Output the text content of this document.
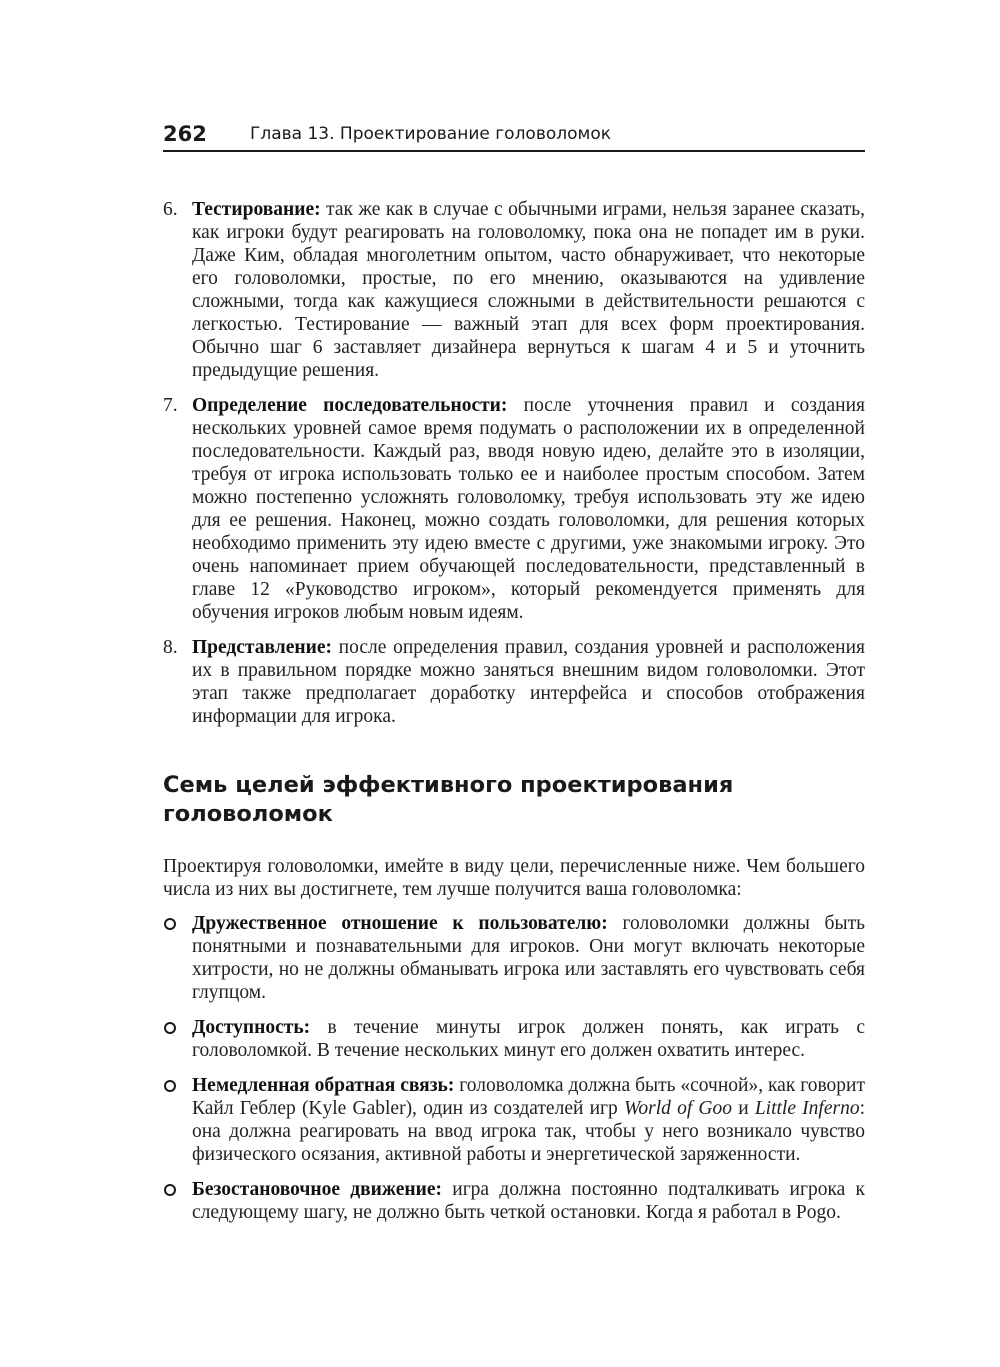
262	Глава 13. Проектирование головоломок
6. Тестирование: так же как в случае с обычными играми, нельзя заранее сказать, как игроки будут реагировать на головоломку, пока она не попадет им в руки. Даже Ким, обладая многолетним опытом, часто обнаруживает, что некоторые его головоломки, простые, по его мнению, оказываются на удивление сложными, тогда как кажущиеся сложными в действительности решаются с легкостью. Тестирование — важный этап для всех форм проектирования. Обычно шаг 6 заставляет дизайнера вернуться к шагам 4 и 5 и уточнить предыдущие решения.
7. Определение последовательности: после уточнения правил и создания нескольких уровней самое время подумать о расположении их в определенной последовательности. Каждый раз, вводя новую идею, делайте это в изоляции, требуя от игрока использовать только ее и наиболее простым способом. Затем можно постепенно усложнять головоломку, требуя использовать эту же идею для ее решения. Наконец, можно создать головоломки, для решения которых необходимо применить эту идею вместе с другими, уже знакомыми игроку. Это очень напоминает прием обучающей последовательности, представленный в главе 12 «Руководство игроком», который рекомендуется применять для обучения игроков любым новым идеям.
8. Представление: после определения правил, создания уровней и расположения их в правильном порядке можно заняться внешним видом головоломки. Этот этап также предполагает доработку интерфейса и способов отображения информации для игрока.
Семь целей эффективного проектирования
головоломок

Проектируя головоломки, имейте в виду цели, перечисленные ниже. Чем большего числа из них вы достигнете, тем лучше получится ваша головоломка:

Дружественное отношение к пользователю: головоломки должны быть понятными и познавательными для игроков. Они могут включать некоторые хитрости, но не должны обманывать игрока или заставлять его чувствовать себя глупцом.
Доступность: в течение минуты игрок должен понять, как играть с головоломкой. В течение нескольких минут его должен охватить интерес.
Немедленная обратная связь: головоломка должна быть «сочной», как говорит Кайл Геблер (Kyle Gabler), один из создателей игр World of Goo и Little Inferno: она должна реагировать на ввод игрока так, чтобы у него возникало чувство физического осязания, активной работы и энергетической заряженности.
Безостановочное движение: игра должна постоянно подталкивать игрока к следующему шагу, не должно быть четкой остановки. Когда я работал в Pogo.
